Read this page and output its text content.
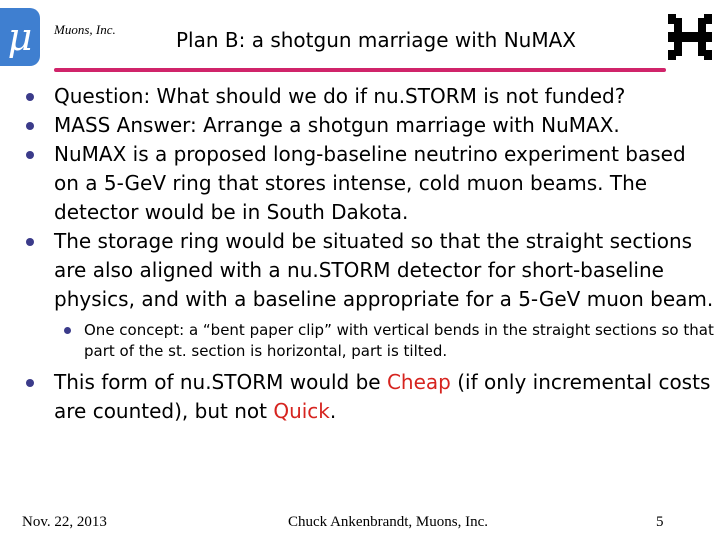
μ Muons, Inc.	Plan B: a shotgun marriage with NuMAX
Question: What should we do if nu.STORM is not funded?
MASS Answer: Arrange a shotgun marriage with NuMAX.
NuMAX is a proposed long-baseline neutrino experiment based on a 5-GeV ring that stores intense, cold muon beams. The detector would be in South Dakota.
The storage ring would be situated so that the straight sections are also aligned with a nu.STORM detector for short-baseline physics, and with a baseline appropriate for a 5-GeV muon beam.
One concept: a “bent paper clip” with vertical bends in the straight sections so that part of the st. section is horizontal, part is tilted.
This form of nu.STORM would be Cheap (if only incremental costs are counted), but not Quick.
Nov. 22, 2013	Chuck Ankenbrandt, Muons, Inc.	5
